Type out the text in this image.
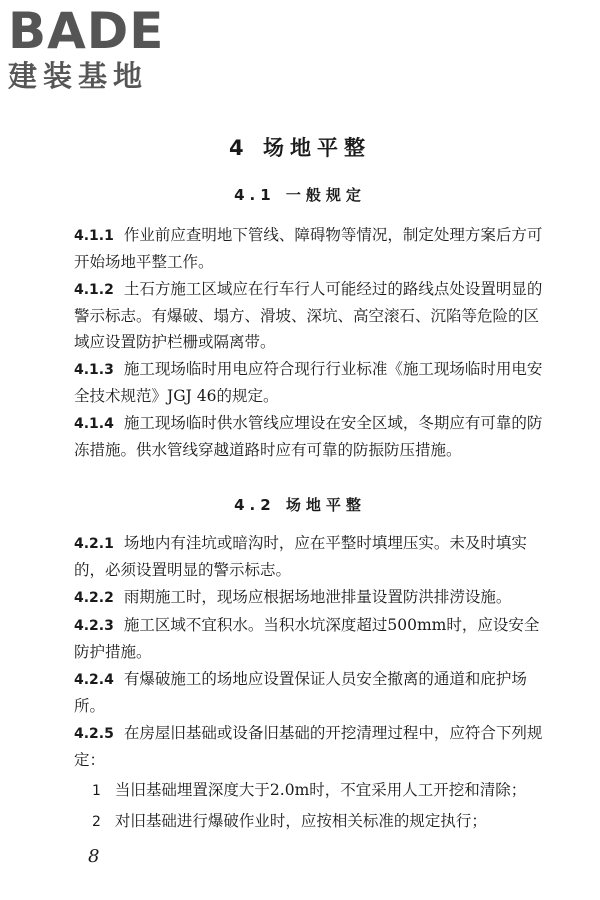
BADE
建装基地
4 场地平整
4.1 一般规定

4.1.1 作业前应查明地下管线、障碍物等情况，制定处理方案后方可开始场地平整工作。

4.1.2 土石方施工区域应在行车行人可能经过的路线点处设置明显的警示标志。有爆破、塌方、滑坡、深坑、高空滚石、沉陷等危险的区域应设置防护栏栅或隔离带。

4.1.3 施工现场临时用电应符合现行行业标准《施工现场临时用电安全技术规范》JGJ 46的规定。

4.1.4 施工现场临时供水管线应埋设在安全区域，冬期应有可靠的防冻措施。供水管线穿越道路时应有可靠的防振防压措施。

4.2 场地平整

4.2.1 场地内有洼坑或暗沟时，应在平整时填埋压实。未及时填实的，必须设置明显的警示标志。

4.2.2 雨期施工时，现场应根据场地泄排量设置防洪排涝设施。

4.2.3 施工区域不宜积水。当积水坑深度超过500mm时，应设安全防护措施。

4.2.4 有爆破施工的场地应设置保证人员安全撤离的通道和庇护场所。

4.2.5 在房屋旧基础或设备旧基础的开挖清理过程中，应符合下列规定：

1 当旧基础埋置深度大于2.0m时，不宜采用人工开挖和清除；

2 对旧基础进行爆破作业时，应按相关标准的规定执行；

8
